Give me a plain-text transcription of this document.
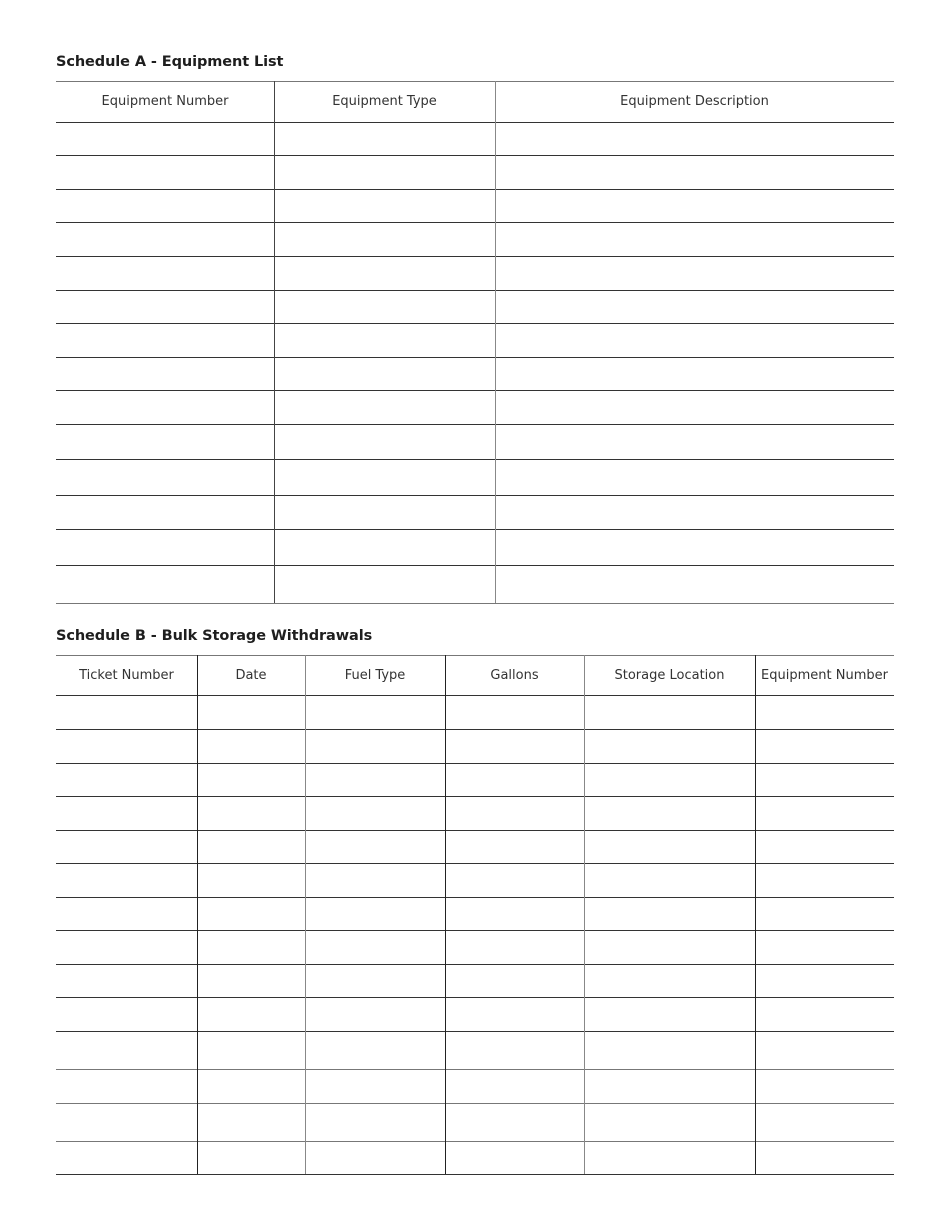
Schedule A - Equipment List
Equipment Number	Equipment Type	Equipment Description
Schedule B - Bulk Storage Withdrawals
Ticket Number	Date	Fuel Type	Gallons	Storage Location	Equipment Number
